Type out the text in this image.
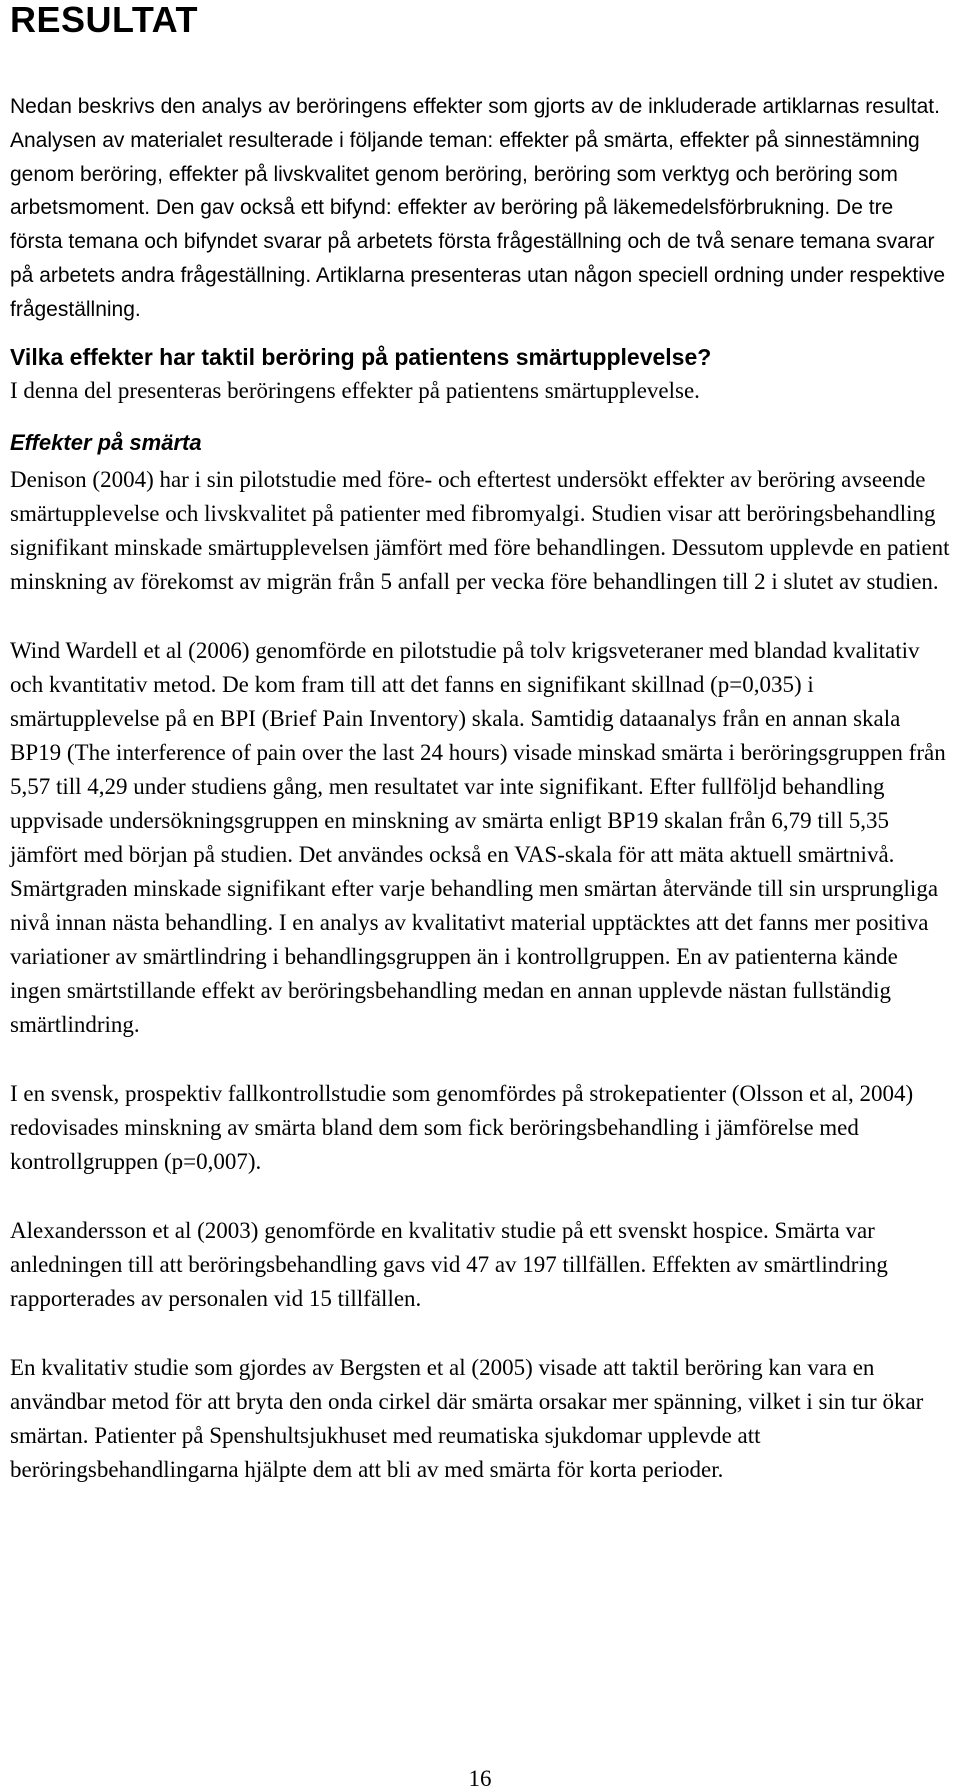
RESULTAT

Nedan beskrivs den analys av beröringens effekter som gjorts av de inkluderade artiklarnas resultat. Analysen av materialet resulterade i följande teman: effekter på smärta, effekter på sinnestämning genom beröring, effekter på livskvalitet genom beröring, beröring som verktyg och beröring som arbetsmoment. Den gav också ett bifynd: effekter av beröring på läkemedelsförbrukning. De tre första temana och bifyndet svarar på arbetets första frågeställning och de två senare temana svarar på arbetets andra frågeställning. Artiklarna presenteras utan någon speciell ordning under respektive frågeställning.

Vilka effekter har taktil beröring på patientens smärtupplevelse?

I denna del presenteras beröringens effekter på patientens smärtupplevelse.

Effekter på smärta

Denison (2004) har i sin pilotstudie med före- och eftertest undersökt effekter av beröring avseende smärtupplevelse och livskvalitet på patienter med fibromyalgi. Studien visar att beröringsbehandling signifikant minskade smärtupplevelsen jämfört med före behandlingen. Dessutom upplevde en patient minskning av förekomst av migrän från 5 anfall per vecka före behandlingen till 2 i slutet av studien.

Wind Wardell et al (2006) genomförde en pilotstudie på tolv krigsveteraner med blandad kvalitativ och kvantitativ metod. De kom fram till att det fanns en signifikant skillnad (p=0,035) i smärtupplevelse på en BPI (Brief Pain Inventory) skala. Samtidig dataanalys från en annan skala BP19 (The interference of pain over the last 24 hours) visade minskad smärta i beröringsgruppen från 5,57 till 4,29 under studiens gång, men resultatet var inte signifikant. Efter fullföljd behandling uppvisade undersökningsgruppen en minskning av smärta enligt BP19 skalan från 6,79 till 5,35 jämfört med början på studien. Det användes också en VAS-skala för att mäta aktuell smärtnivå. Smärtgraden minskade signifikant efter varje behandling men smärtan återvände till sin ursprungliga nivå innan nästa behandling. I en analys av kvalitativt material upptäcktes att det fanns mer positiva variationer av smärtlindring i behandlingsgruppen än i kontrollgruppen. En av patienterna kände ingen smärtstillande effekt av beröringsbehandling medan en annan upplevde nästan fullständig smärtlindring.

I en svensk, prospektiv fallkontrollstudie som genomfördes på strokepatienter (Olsson et al, 2004) redovisades minskning av smärta bland dem som fick beröringsbehandling i jämförelse med kontrollgruppen (p=0,007).

Alexandersson et al (2003) genomförde en kvalitativ studie på ett svenskt hospice. Smärta var anledningen till att beröringsbehandling gavs vid 47 av 197 tillfällen. Effekten av smärtlindring rapporterades av personalen vid 15 tillfällen.

En kvalitativ studie som gjordes av Bergsten et al (2005) visade att taktil beröring kan vara en användbar metod för att bryta den onda cirkel där smärta orsakar mer spänning, vilket i sin tur ökar smärtan. Patienter på Spenshultsjukhuset med reumatiska sjukdomar upplevde att beröringsbehandlingarna hjälpte dem att bli av med smärta för korta perioder.

16
